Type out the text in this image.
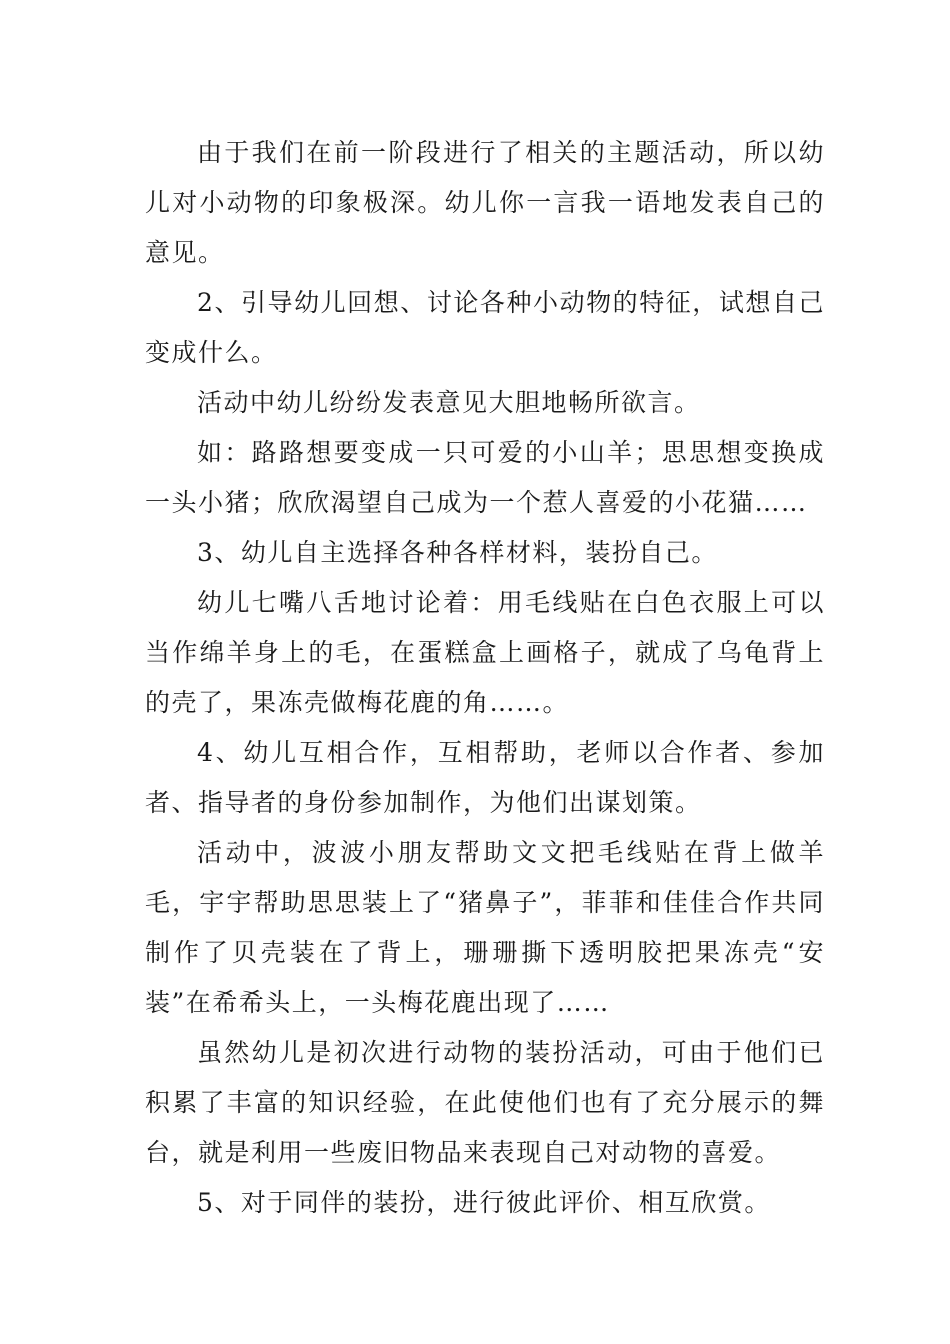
由于我们在前一阶段进行了相关的主题活动，所以幼儿对小动物的印象极深。幼儿你一言我一语地发表自己的意见。

2、引导幼儿回想、讨论各种小动物的特征，试想自己变成什么。

活动中幼儿纷纷发表意见大胆地畅所欲言。

如：路路想要变成一只可爱的小山羊；思思想变换成一头小猪；欣欣渴望自己成为一个惹人喜爱的小花猫……

3、幼儿自主选择各种各样材料，装扮自己。

幼儿七嘴八舌地讨论着：用毛线贴在白色衣服上可以当作绵羊身上的毛，在蛋糕盒上画格子，就成了乌龟背上的壳了，果冻壳做梅花鹿的角……。

4、幼儿互相合作，互相帮助，老师以合作者、参加者、指导者的身份参加制作，为他们出谋划策。

活动中，波波小朋友帮助文文把毛线贴在背上做羊毛，宇宇帮助思思装上了“猪鼻子”，菲菲和佳佳合作共同制作了贝壳装在了背上，珊珊撕下透明胶把果冻壳“安装”在希希头上，一头梅花鹿出现了……

虽然幼儿是初次进行动物的装扮活动，可由于他们已积累了丰富的知识经验，在此使他们也有了充分展示的舞台，就是利用一些废旧物品来表现自己对动物的喜爱。

5、对于同伴的装扮，进行彼此评价、相互欣赏。
